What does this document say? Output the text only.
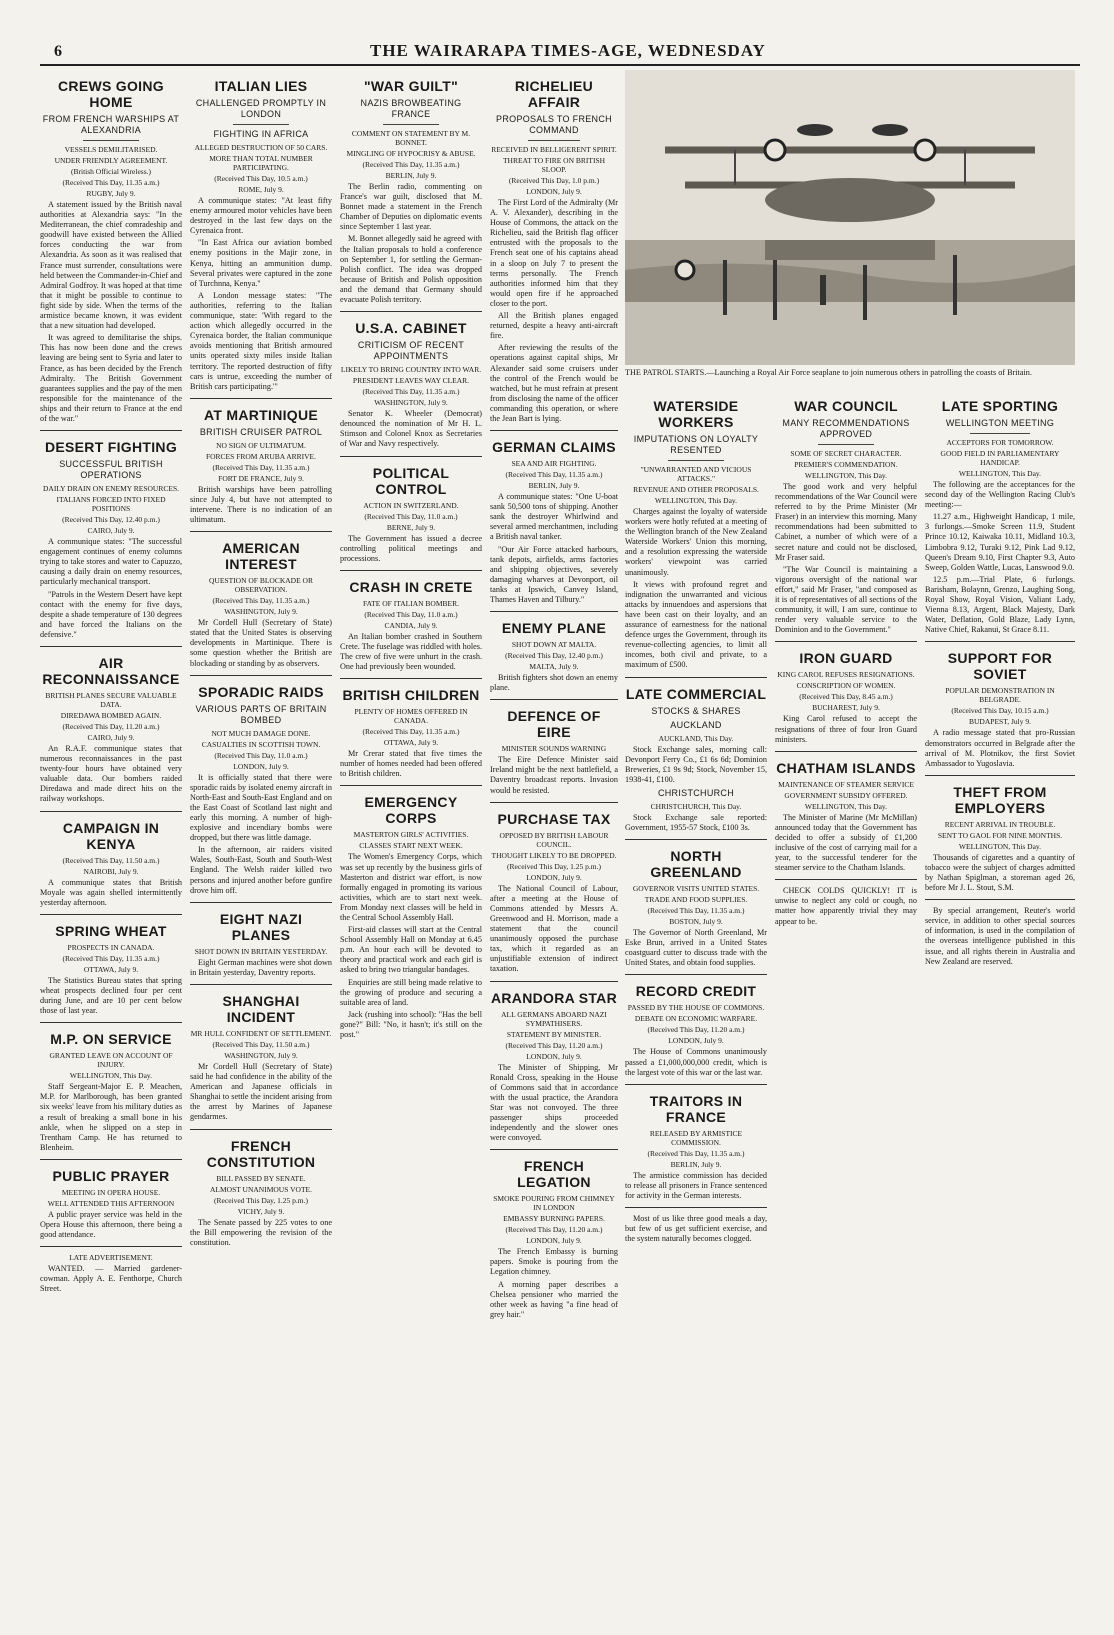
6	THE WAIRARAPA TIMES-AGE, WEDNESDAY
CREWS GOING HOME
FROM FRENCH WARSHIPS AT ALEXANDRIA
VESSELS DEMILITARISED.
UNDER FRIENDLY AGREEMENT.
(British Official Wireless.)
(Received This Day, 11.35 a.m.)
RUGBY, July 9.

A statement issued by the British naval authorities at Alexandria says: "In the Mediterranean, the chief comradeship and goodwill have existed between the Allied forces conducting the war from Alexandria. As soon as it was realised that France must surrender, consultations were held between the Commander-in-Chief and Admiral Godfroy. It was hoped at that time that it might be possible to continue to fight side by side. When the terms of the armistice became known, it was evident that a new situation had developed.

It was agreed to demilitarise the ships. This has now been done and the crews leaving are being sent to Syria and later to France, as has been decided by the French Admiralty. The British Government guarantees supplies and the pay of the men responsible for the maintenance of the ships and their return to France at the end of the war."

DESERT FIGHTING
SUCCESSFUL BRITISH OPERATIONS
DAILY DRAIN ON ENEMY RESOURCES.
ITALIANS FORCED INTO FIXED POSITIONS
(Received This Day, 12.40 p.m.)
CAIRO, July 9.

A communique states: "The successful engagement continues of enemy columns trying to take stores and water to Capuzzo, causing a daily drain on enemy resources, particularly mechanical transport.

"Patrols in the Western Desert have kept contact with the enemy for five days, despite a shade temperature of 130 degrees and have forced the Italians on the defensive."

AIR RECONNAISSANCE
BRITISH PLANES SECURE VALUABLE DATA.
DIREDAWA BOMBED AGAIN.
(Received This Day, 11.20 a.m.)
CAIRO, July 9.

An R.A.F. communique states that numerous reconnaissances in the past twenty-four hours have obtained very valuable data. Our bombers raided Diredawa and made direct hits on the railway workshops.

CAMPAIGN IN KENYA
(Received This Day, 11.50 a.m.)
NAIROBI, July 9.

A communique states that British Moyale was again shelled intermittently yesterday afternoon.

SPRING WHEAT
PROSPECTS IN CANADA.
(Received This Day, 11.35 a.m.)
OTTAWA, July 9.

The Statistics Bureau states that spring wheat prospects declined four per cent during June, and are 10 per cent below those of last year.

M.P. ON SERVICE
GRANTED LEAVE ON ACCOUNT OF INJURY.
WELLINGTON, This Day.

Staff Sergeant-Major E. P. Meachen, M.P. for Marlborough, has been granted six weeks' leave from his military duties as a result of breaking a small bone in his ankle, when he slipped on a step in Trentham Camp. He has returned to Blenheim.

PUBLIC PRAYER
MEETING IN OPERA HOUSE.
WELL ATTENDED THIS AFTERNOON

A public prayer service was held in the Opera House this afternoon, there being a good attendance.

LATE ADVERTISEMENT.

WANTED. — Married gardener-cowman. Apply A. E. Fenthorpe, Church Street.

ITALIAN LIES
CHALLENGED PROMPTLY IN LONDON
FIGHTING IN AFRICA
ALLEGED DESTRUCTION OF 50 CARS.
MORE THAN TOTAL NUMBER PARTICIPATING.
(Received This Day, 10.5 a.m.)
ROME, July 9.

A communique states: "At least fifty enemy armoured motor vehicles have been destroyed in the last few days on the Cyrenaica front.

"In East Africa our aviation bombed enemy positions in the Majir zone, in Kenya, hitting an ammunition dump. Several privates were captured in the zone of Turchnna, Kenya."

A London message states: "The authorities, referring to the Italian communique, state: 'With regard to the action which allegedly occurred in the Cyrenaica border, the Italian communique avoids mentioning that British armoured units operated sixty miles inside Italian territory. The reported destruction of fifty cars is untrue, exceeding the number of British cars participating.'"

AT MARTINIQUE
BRITISH CRUISER PATROL
NO SIGN OF ULTIMATUM.
FORCES FROM ARUBA ARRIVE.
(Received This Day, 11.35 a.m.)
FORT DE FRANCE, July 9.

British warships have been patrolling since July 4, but have not attempted to intervene. There is no indication of an ultimatum.

AMERICAN INTEREST
QUESTION OF BLOCKADE OR OBSERVATION.
(Received This Day, 11.35 a.m.)
WASHINGTON, July 9.

Mr Cordell Hull (Secretary of State) stated that the United States is observing developments in Martinique. There is some question whether the British are blockading or standing by as observers.

SPORADIC RAIDS
VARIOUS PARTS OF BRITAIN BOMBED
NOT MUCH DAMAGE DONE.
CASUALTIES IN SCOTTISH TOWN.
(Received This Day, 11.0 a.m.)
LONDON, July 9.

It is officially stated that there were sporadic raids by isolated enemy aircraft in North-East and South-East England and on the East Coast of Scotland last night and early this morning. A number of high-explosive and incendiary bombs were dropped, but there was little damage.

In the afternoon, air raiders visited Wales, South-East, South and South-West England. The Welsh raider killed two persons and injured another before gunfire drove him off.

EIGHT NAZI PLANES
SHOT DOWN IN BRITAIN YESTERDAY.

Eight German machines were shot down in Britain yesterday, Daventry reports.

SHANGHAI INCIDENT
MR HULL CONFIDENT OF SETTLEMENT.
(Received This Day, 11.50 a.m.)
WASHINGTON, July 9.

Mr Cordell Hull (Secretary of State) said he had confidence in the ability of the American and Japanese officials in Shanghai to settle the incident arising from the arrest by Marines of Japanese gendarmes.

FRENCH CONSTITUTION
BILL PASSED BY SENATE.
ALMOST UNANIMOUS VOTE.
(Received This Day, 1.25 p.m.)
VICHY, July 9.

The Senate passed by 225 votes to one the Bill empowering the revision of the constitution.

"WAR GUILT"
NAZIS BROWBEATING FRANCE
COMMENT ON STATEMENT BY M. BONNET.
MINGLING OF HYPOCRISY & ABUSE.
(Received This Day, 11.35 a.m.)
BERLIN, July 9.

The Berlin radio, commenting on France's war guilt, disclosed that M. Bonnet made a statement in the French Chamber of Deputies on diplomatic events since September 1 last year.

M. Bonnet allegedly said he agreed with the Italian proposals to hold a conference on September 1, for settling the German-Polish conflict. The idea was dropped because of British and Polish opposition and the demand that Germany should evacuate Polish territory.

U.S.A. CABINET
CRITICISM OF RECENT APPOINTMENTS
LIKELY TO BRING COUNTRY INTO WAR.
PRESIDENT LEAVES WAY CLEAR.
(Received This Day, 11.35 a.m.)
WASHINGTON, July 9.

Senator K. Wheeler (Democrat) denounced the nomination of Mr H. L. Stimson and Colonel Knox as Secretaries of War and Navy respectively.

POLITICAL CONTROL
ACTION IN SWITZERLAND.
(Received This Day, 11.0 a.m.)
BERNE, July 9.

The Government has issued a decree controlling political meetings and processions.

CRASH IN CRETE
FATE OF ITALIAN BOMBER.
(Received This Day, 11.0 a.m.)
CANDIA, July 9.

An Italian bomber crashed in Southern Crete. The fuselage was riddled with holes. The crew of five were unhurt in the crash. One had previously been wounded.

BRITISH CHILDREN
PLENTY OF HOMES OFFERED IN CANADA.
(Received This Day, 11.35 a.m.)
OTTAWA, July 9.

Mr Crerar stated that five times the number of homes needed had been offered to British children.

EMERGENCY CORPS
MASTERTON GIRLS' ACTIVITIES.
CLASSES START NEXT WEEK.

The Women's Emergency Corps, which was set up recently by the business girls of Masterton and district war effort, is now formally engaged in promoting its various activities, which are to start next week. From Monday next classes will be held in the Central School Assembly Hall.

First-aid classes will start at the Central School Assembly Hall on Monday at 6.45 p.m. An hour each will be devoted to theory and practical work and each girl is asked to bring two triangular bandages.

Enquiries are still being made relative to the growing of produce and securing a suitable area of land.

Jack (rushing into school): "Has the bell gone?" Bill: "No, it hasn't; it's still on the post."

RICHELIEU AFFAIR
PROPOSALS TO FRENCH COMMAND
RECEIVED IN BELLIGERENT SPIRIT.
THREAT TO FIRE ON BRITISH SLOOP.
(Received This Day, 1.0 p.m.)
LONDON, July 9.

The First Lord of the Admiralty (Mr A. V. Alexander), describing in the House of Commons, the attack on the Richelieu, said the British flag officer entrusted with the proposals to the French seat one of his captains ahead in a sloop on July 7 to present the terms personally. The French authorities informed him that they would open fire if he approached closer to the port.

All the British planes engaged returned, despite a heavy anti-aircraft fire.

After reviewing the results of the operations against capital ships, Mr Alexander said some cruisers under the control of the French would be watched, but he must refrain at present from disclosing the name of the officer commanding this operation, or where the Jean Bart is lying.

GERMAN CLAIMS
SEA AND AIR FIGHTING.
(Received This Day, 11.35 a.m.)
BERLIN, July 9.

A communique states: "One U-boat sank 50,500 tons of shipping. Another sank the destroyer Whirlwind and several armed merchantmen, including a British naval tanker.

"Our Air Force attacked harbours, tank depots, airfields, arms factories and shipping objectives, severely damaging wharves at Devonport, oil tanks at Ipswich, Canvey Island, Thames Haven and Tilbury."

ENEMY PLANE
SHOT DOWN AT MALTA.
(Received This Day, 12.40 p.m.)
MALTA, July 9.

British fighters shot down an enemy plane.

DEFENCE OF EIRE
MINISTER SOUNDS WARNING

The Eire Defence Minister said Ireland might be the next battlefield, a Daventry broadcast reports. Invasion would be resisted.

PURCHASE TAX
OPPOSED BY BRITISH LABOUR COUNCIL.
THOUGHT LIKELY TO BE DROPPED.
(Received This Day, 1.25 p.m.)
LONDON, July 9.

The National Council of Labour, after a meeting at the House of Commons attended by Messrs A. Greenwood and H. Morrison, made a statement that the council unanimously opposed the purchase tax, which it regarded as an unjustifiable extension of indirect taxation.

ARANDORA STAR
ALL GERMANS ABOARD NAZI SYMPATHISERS.
STATEMENT BY MINISTER.
(Received This Day, 11.20 a.m.)
LONDON, July 9.

The Minister of Shipping, Mr Ronald Cross, speaking in the House of Commons said that in accordance with the usual practice, the Arandora Star was not convoyed. The three passenger ships proceeded independently and the slower ones were convoyed.

FRENCH LEGATION
SMOKE POURING FROM CHIMNEY IN LONDON
EMBASSY BURNING PAPERS.
(Received This Day, 11.20 a.m.)
LONDON, July 9.

The French Embassy is burning papers. Smoke is pouring from the Legation chimney.

A morning paper describes a Chelsea pensioner who married the other week as having "a fine head of grey hair."

THE PATROL STARTS.—Launching a Royal Air Force seaplane to join numerous others in patrolling the coasts of Britain.
WATERSIDE WORKERS
IMPUTATIONS ON LOYALTY RESENTED
"UNWARRANTED AND VICIOUS ATTACKS."
REVENUE AND OTHER PROPOSALS.
WELLINGTON, This Day.

Charges against the loyalty of waterside workers were hotly refuted at a meeting of the Wellington branch of the New Zealand Waterside Workers' Union this morning, and a resolution expressing the waterside workers' viewpoint was carried unanimously.

It views with profound regret and indignation the unwarranted and vicious attacks by innuendoes and aspersions that have been cast on their loyalty, and an assurance of earnestness for the national defence urges the Government, through its revenue-collecting agencies, to limit all incomes, both civil and private, to a maximum of £500.

LATE COMMERCIAL
STOCKS & SHARES
AUCKLAND
AUCKLAND, This Day.

Stock Exchange sales, morning call: Devonport Ferry Co., £1 6s 6d; Dominion Breweries, £1 9s 9d; Stock, November 15, 1938-41, £100.

CHRISTCHURCH
CHRISTCHURCH, This Day.

Stock Exchange sale reported: Government, 1955-57 Stock, £100 3s.

NORTH GREENLAND
GOVERNOR VISITS UNITED STATES.
TRADE AND FOOD SUPPLIES.
(Received This Day, 11.35 a.m.)
BOSTON, July 9.

The Governor of North Greenland, Mr Eske Brun, arrived in a United States coastguard cutter to discuss trade with the United States, and obtain food supplies.

RECORD CREDIT
PASSED BY THE HOUSE OF COMMONS.
DEBATE ON ECONOMIC WARFARE.
(Received This Day, 11.20 a.m.)
LONDON, July 9.

The House of Commons unanimously passed a £1,000,000,000 credit, which is the largest vote of this war or the last war.

TRAITORS IN FRANCE
RELEASED BY ARMISTICE COMMISSION.
(Received This Day, 11.35 a.m.)
BERLIN, July 9.

The armistice commission has decided to release all prisoners in France sentenced for activity in the German interests.

Most of us like three good meals a day, but few of us get sufficient exercise, and the system naturally becomes clogged.

WAR COUNCIL
MANY RECOMMENDATIONS APPROVED
SOME OF SECRET CHARACTER.
PREMIER'S COMMENDATION.
WELLINGTON, This Day.

The good work and very helpful recommendations of the War Council were referred to by the Prime Minister (Mr Fraser) in an interview this morning. Many recommendations had been submitted to Cabinet, a number of which were of a secret nature and could not be disclosed, Mr Fraser said.

"The War Council is maintaining a vigorous oversight of the national war effort," said Mr Fraser, "and composed as it is of representatives of all sections of the community, it will, I am sure, continue to render very valuable service to the Dominion and to the Government."

IRON GUARD
KING CAROL REFUSES RESIGNATIONS.
CONSCRIPTION OF WOMEN.
(Received This Day, 8.45 a.m.)
BUCHAREST, July 9.

King Carol refused to accept the resignations of three of four Iron Guard ministers.

CHATHAM ISLANDS
MAINTENANCE OF STEAMER SERVICE
GOVERNMENT SUBSIDY OFFERED.
WELLINGTON, This Day.

The Minister of Marine (Mr McMillan) announced today that the Government has decided to offer a subsidy of £1,200 inclusive of the cost of carrying mail for a year, to the successful tenderer for the steamer service to the Chatham Islands.

CHECK COLDS QUICKLY! IT is unwise to neglect any cold or cough, no matter how apparently trivial they may appear to be.

LATE SPORTING
WELLINGTON MEETING
ACCEPTORS FOR TOMORROW.
GOOD FIELD IN PARLIAMENTARY HANDICAP.
WELLINGTON, This Day.

The following are the acceptances for the second day of the Wellington Racing Club's meeting:—

11.27 a.m., Highweight Handicap, 1 mile, 3 furlongs.—Smoke Screen 11.9, Student Prince 10.12, Kaiwaka 10.11, Midland 10.3, Limbobra 9.12, Turaki 9.12, Pink Lad 9.12, Queen's Dream 9.10, First Chapter 9.3, Auto Sweep, Golden Wattle, Lucas, Lanswood 9.0.

12.5 p.m.—Trial Plate, 6 furlongs. Barisham, Bolaynn, Grenzo, Laughing Song, Royal Show, Royal Vision, Valiant Lady, Vienna 8.13, Argent, Black Majesty, Dark Water, Deflation, Gold Blaze, Lady Lynn, Native Chief, Rakanui, St Grace 8.11.

SUPPORT FOR SOVIET
POPULAR DEMONSTRATION IN BELGRADE.
(Received This Day, 10.15 a.m.)
BUDAPEST, July 9.

A radio message stated that pro-Russian demonstrators occurred in Belgrade after the arrival of M. Plotnikov, the first Soviet Ambassador to Yugoslavia.

THEFT FROM EMPLOYERS
RECENT ARRIVAL IN TROUBLE.
SENT TO GAOL FOR NINE MONTHS.
WELLINGTON, This Day.

Thousands of cigarettes and a quantity of tobacco were the subject of charges admitted by Nathan Spiglman, a storeman aged 26, before Mr J. L. Stout, S.M.

By special arrangement, Reuter's world service, in addition to other special sources of information, is used in the compilation of the overseas intelligence published in this issue, and all rights therein in Australia and New Zealand are reserved.
